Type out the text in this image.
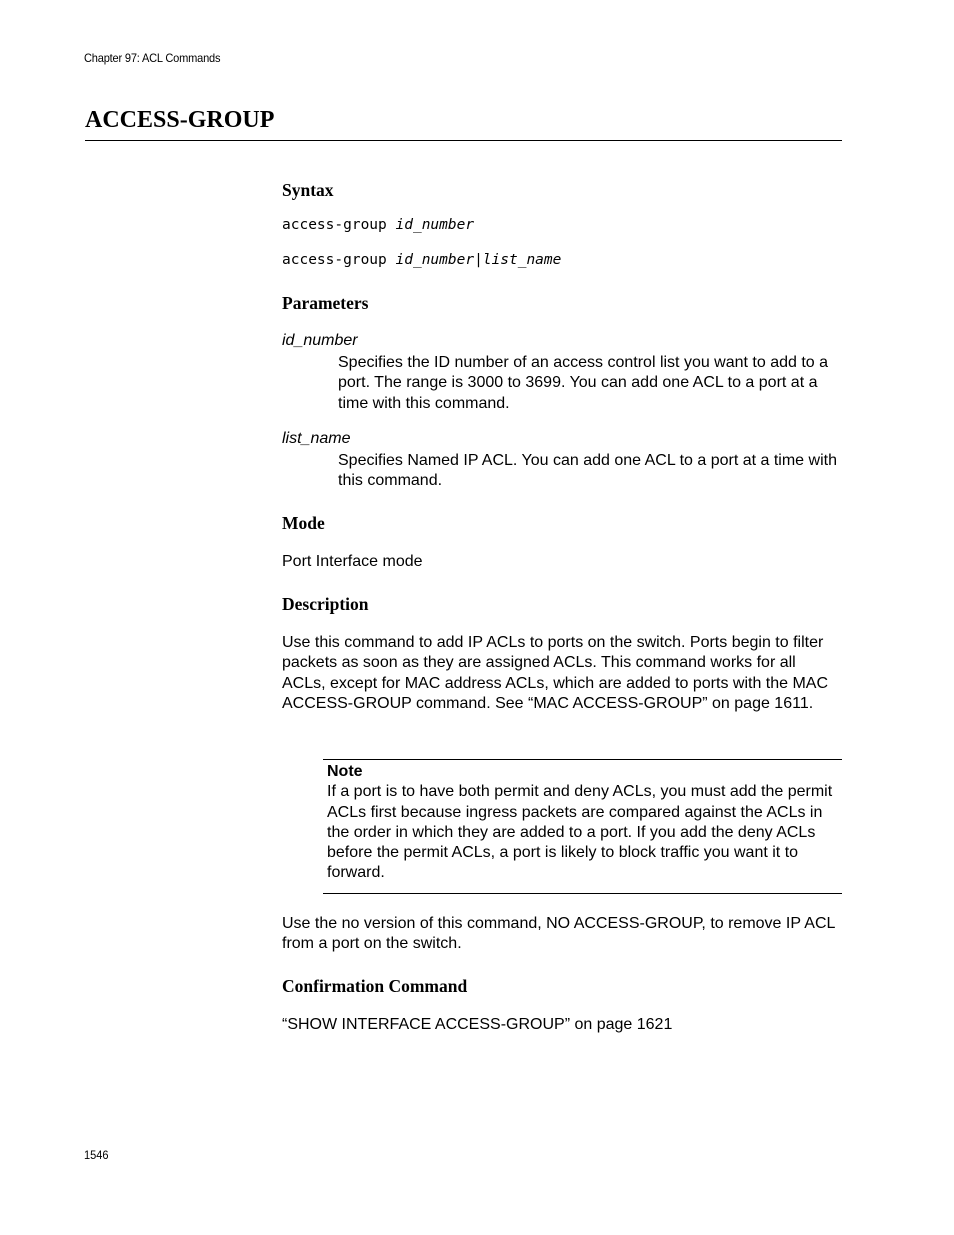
Chapter 97: ACL Commands
ACCESS-GROUP
Syntax
access-group id_number
access-group id_number|list_name
Parameters
id_number

Specifies the ID number of an access control list you want to add to a port. The range is 3000 to 3699. You can add one ACL to a port at a time with this command.

list_name

Specifies Named IP ACL. You can add one ACL to a port at a time with this command.

Mode

Port Interface mode

Description

Use this command to add IP ACLs to ports on the switch. Ports begin to filter packets as soon as they are assigned ACLs. This command works for all ACLs, except for MAC address ACLs, which are added to ports with the MAC ACCESS-GROUP command. See “MAC ACCESS-GROUP” on page 1611.

Note

If a port is to have both permit and deny ACLs, you must add the permit ACLs first because ingress packets are compared against the ACLs in the order in which they are added to a port. If you add the deny ACLs before the permit ACLs, a port is likely to block traffic you want it to forward.

Use the no version of this command, NO ACCESS-GROUP, to remove IP ACL from a port on the switch.

Confirmation Command

“SHOW INTERFACE ACCESS-GROUP” on page 1621

1546
